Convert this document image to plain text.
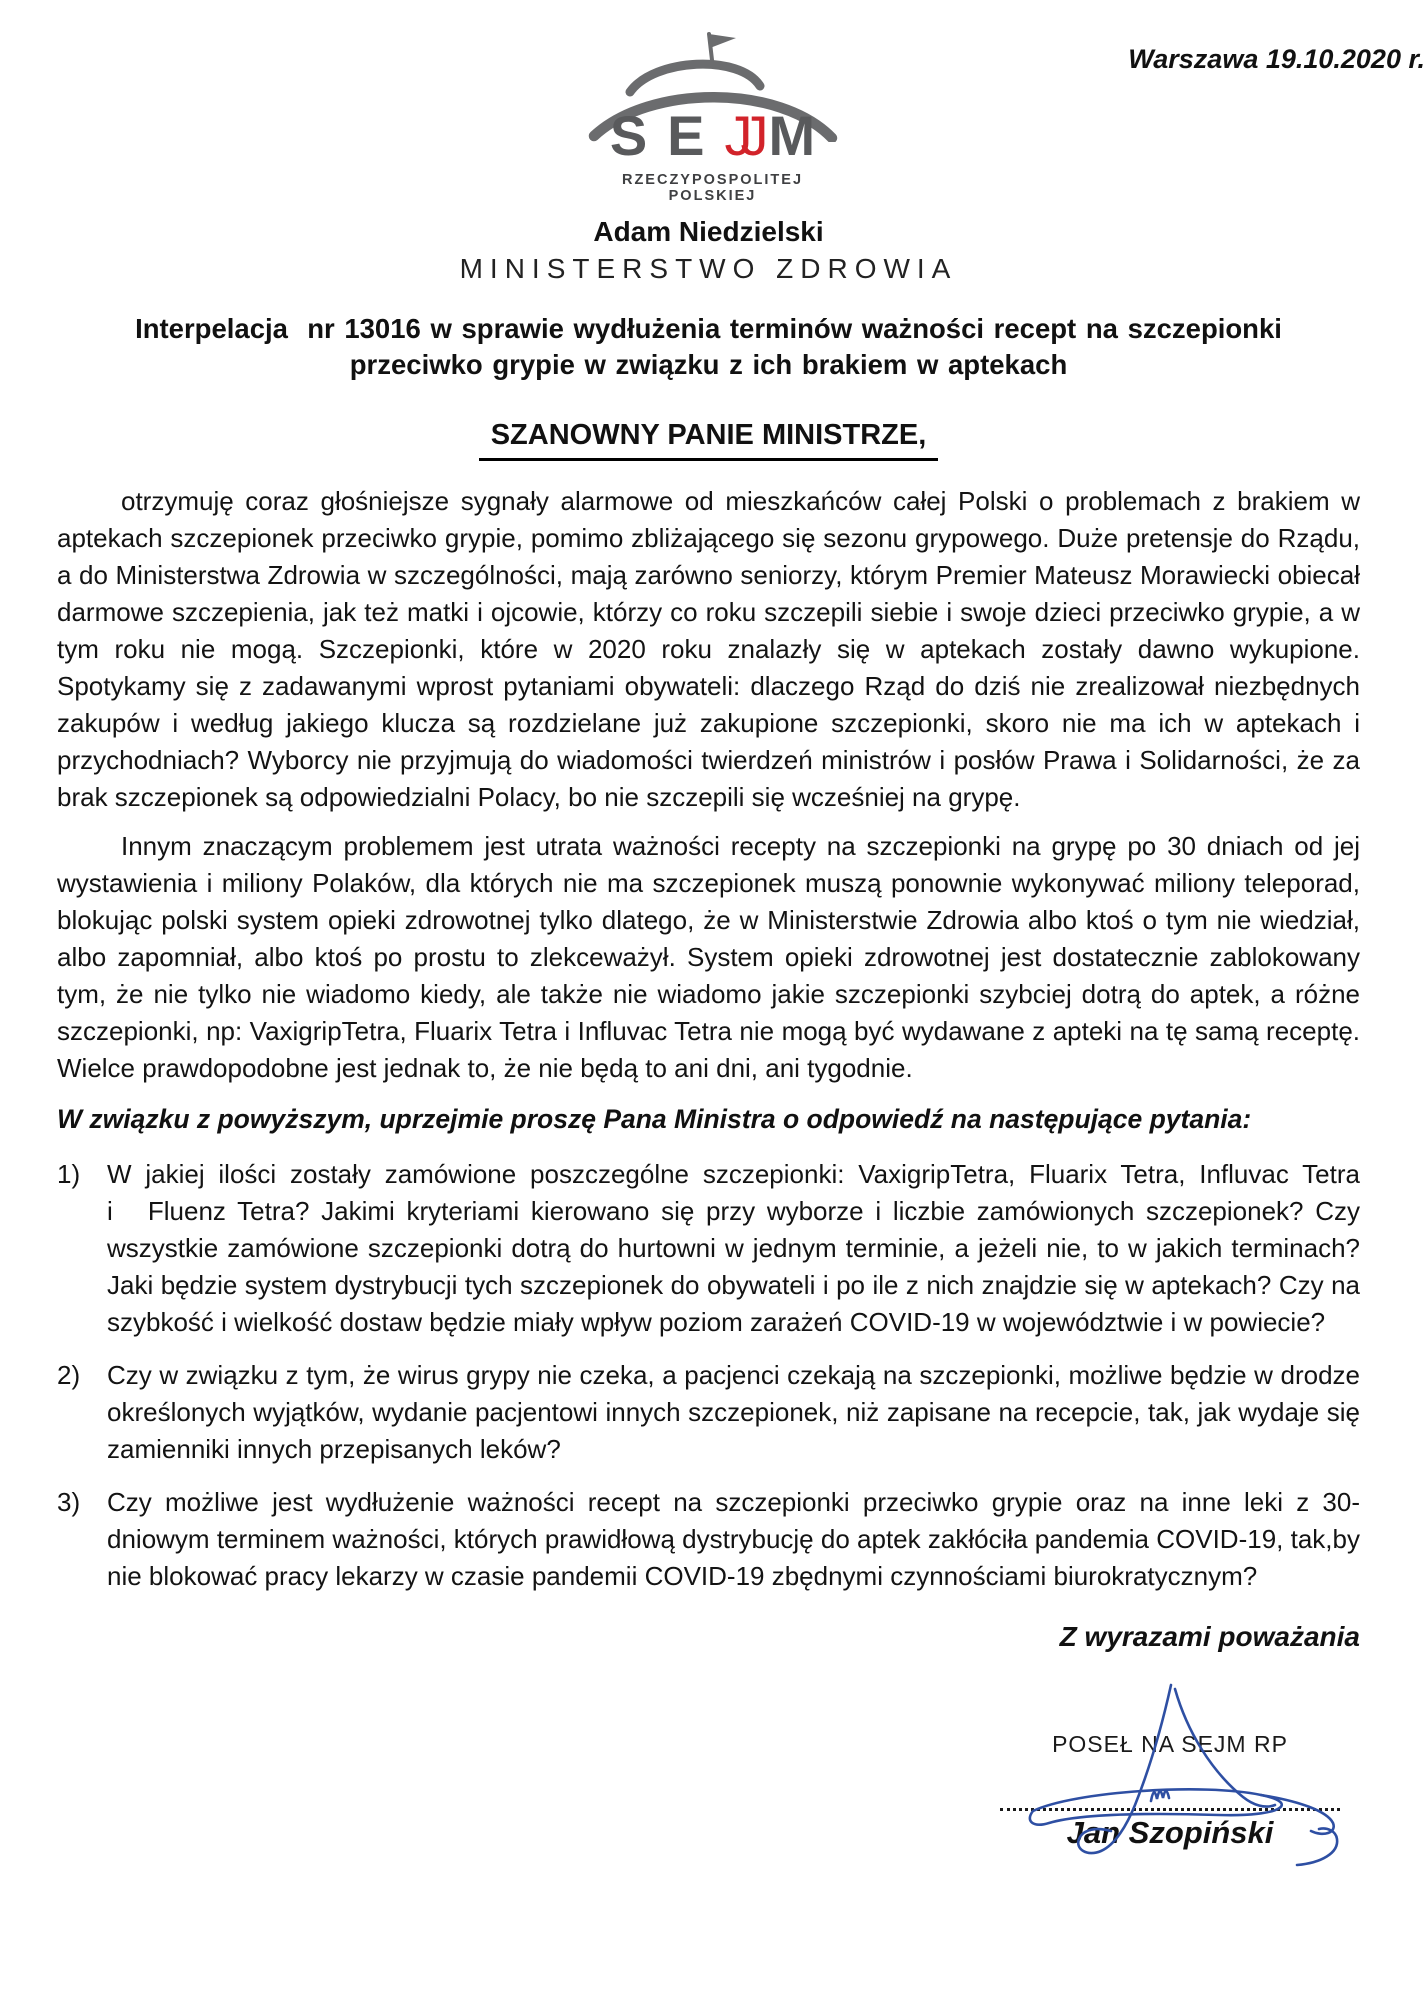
Warszawa 19.10.2020 r.
SEJJ M
RZECZYPOSPOLITEJ POLSKIEJ
Adam Niedzielski
MINISTERSTWO ZDROWIA
Interpelacja  nr 13016 w sprawie wydłużenia terminów ważności recept na szczepionki przeciwko grypie w związku z ich brakiem w aptekach
SZANOWNY PANIE MINISTRZE,

otrzymuję coraz głośniejsze sygnały alarmowe od mieszkańców całej Polski o problemach z brakiem w aptekach szczepionek przeciwko grypie, pomimo zbliżającego się sezonu grypowego. Duże pretensje do Rządu, a do Ministerstwa Zdrowia w szczególności, mają zarówno seniorzy, którym Premier Mateusz Morawiecki obiecał darmowe szczepienia, jak też matki i ojcowie, którzy co roku szczepili siebie i swoje dzieci przeciwko grypie, a w tym roku nie mogą. Szczepionki, które w 2020 roku znalazły się w aptekach zostały dawno wykupione. Spotykamy się z zadawanymi wprost pytaniami obywateli: dlaczego Rząd do dziś nie zrealizował niezbędnych zakupów i według jakiego klucza są rozdzielane już zakupione szczepionki, skoro nie ma ich w aptekach i przychodniach? Wyborcy nie przyjmują do wiadomości twierdzeń ministrów i posłów Prawa i Solidarności, że za brak szczepionek są odpowiedzialni Polacy, bo nie szczepili się wcześniej na grypę.

Innym znaczącym problemem jest utrata ważności recepty na szczepionki na grypę po 30 dniach od jej wystawienia i miliony Polaków, dla których nie ma szczepionek muszą ponownie wykonywać miliony teleporad, blokując polski system opieki zdrowotnej tylko dlatego, że w Ministerstwie Zdrowia albo ktoś o tym nie wiedział, albo zapomniał, albo ktoś po prostu to zlekceważył. System opieki zdrowotnej jest dostatecznie zablokowany tym, że nie tylko nie wiadomo kiedy, ale także nie wiadomo jakie szczepionki szybciej dotrą do aptek, a różne szczepionki, np: VaxigripTetra, Fluarix Tetra i Influvac Tetra nie mogą być wydawane z apteki na tę samą receptę. Wielce prawdopodobne jest jednak to, że nie będą to ani dni, ani tygodnie.

W związku z powyższym, uprzejmie proszę Pana Ministra o odpowiedź na następujące pytania:

1) W jakiej ilości zostały zamówione poszczególne szczepionki: VaxigripTetra, Fluarix Tetra, Influvac Tetra i   Fluenz Tetra? Jakimi kryteriami kierowano się przy wyborze i liczbie zamówionych szczepionek? Czy wszystkie zamówione szczepionki dotrą do hurtowni w jednym terminie, a jeżeli nie, to w jakich terminach? Jaki będzie system dystrybucji tych szczepionek do obywateli i po ile z nich znajdzie się w aptekach? Czy na szybkość i wielkość dostaw będzie miały wpływ poziom zarażeń COVID-19 w województwie i w powiecie?
2) Czy w związku z tym, że wirus grypy nie czeka, a pacjenci czekają na szczepionki, możliwe będzie w drodze określonych wyjątków, wydanie pacjentowi innych szczepionek, niż zapisane na recepcie, tak, jak wydaje się zamienniki innych przepisanych leków?
3) Czy możliwe jest wydłużenie ważności recept na szczepionki przeciwko grypie oraz na inne leki z 30-dniowym terminem ważności, których prawidłową dystrybucję do aptek zakłóciła pandemia COVID-19, tak,by nie blokować pracy lekarzy w czasie pandemii COVID-19 zbędnymi czynnościami biurokratycznym?
Z wyrazami poważania
POSEŁ NA SEJM RP
Jan Szopiński
